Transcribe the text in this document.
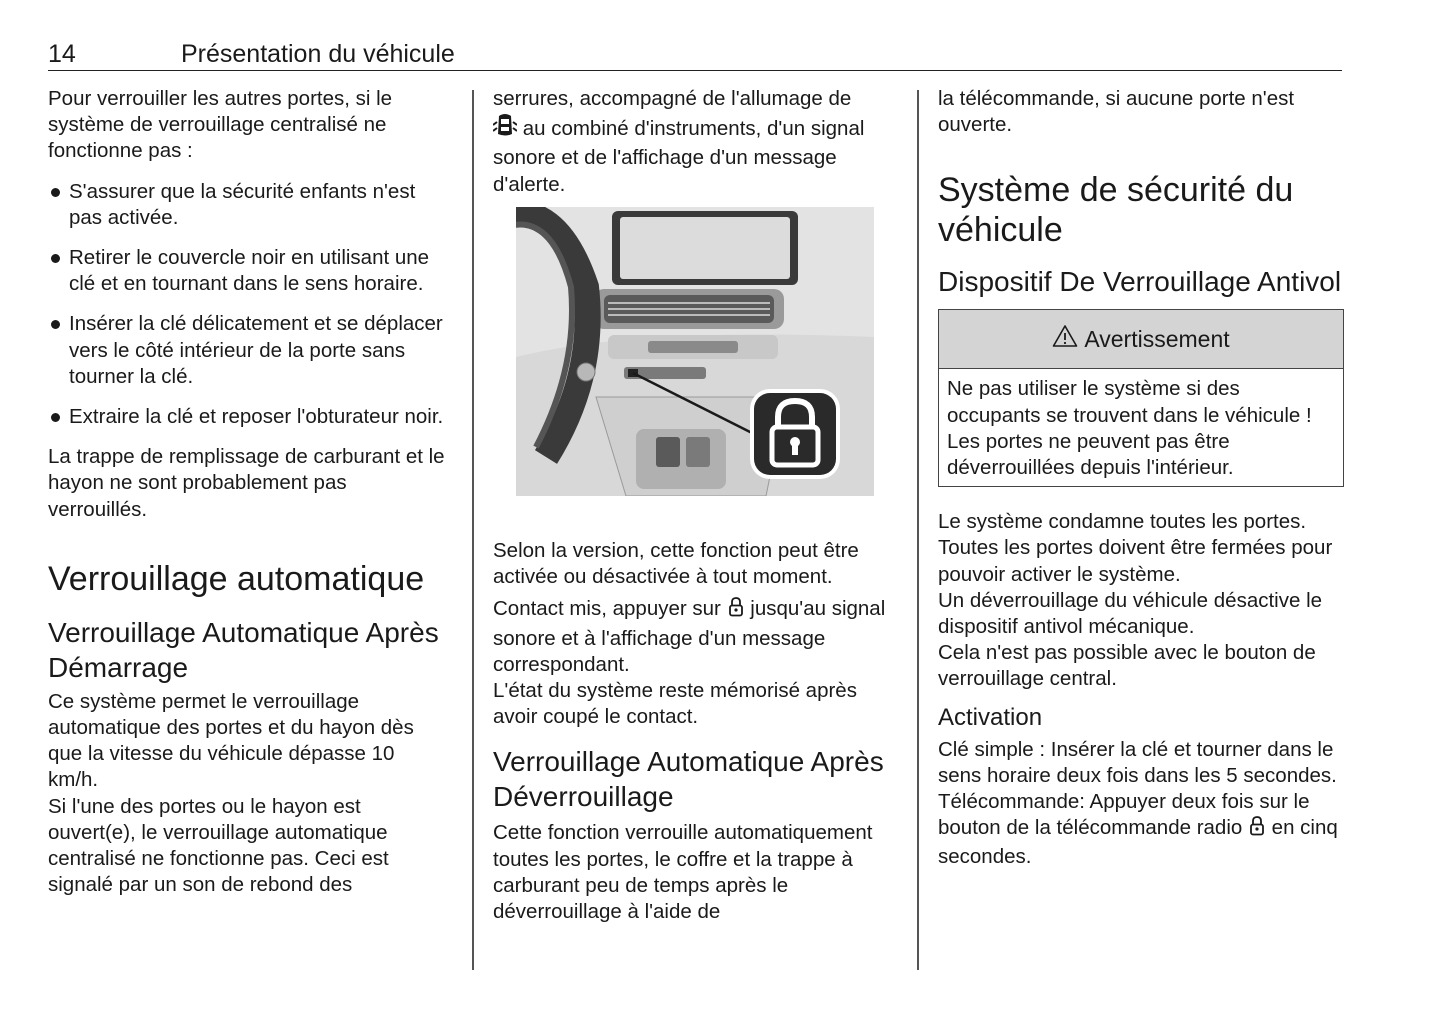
14	Présentation du véhicule

Pour verrouiller les autres portes, si le système de verrouillage centralisé ne fonctionne pas :

S'assurer que la sécurité enfants n'est pas activée.
Retirer le couvercle noir en utilisant une clé et en tournant dans le sens horaire.
Insérer la clé délicatement et se déplacer vers le côté intérieur de la porte sans tourner la clé.
Extraire la clé et reposer l'obturateur noir.

La trappe de remplissage de carburant et le hayon ne sont probablement pas verrouillés.

Verrouillage automatique
Verrouillage Automatique Après Démarrage

Ce système permet le verrouillage automatique des portes et du hayon dès que la vitesse du véhicule dépasse 10 km/h.

Si l'une des portes ou le hayon est ouvert(e), le verrouillage automatique centralisé ne fonctionne pas. Ceci est signalé par un son de rebond des

serrures, accompagné de l'allumage de
au combiné d'instruments, d'un signal sonore et de l'affichage d'un message d'alerte.

Selon la version, cette fonction peut être activée ou désactivée à tout moment.

Contact mis, appuyer sur  jusqu'au signal sonore et à l'affichage d'un message correspondant.

L'état du système reste mémorisé après avoir coupé le contact.

Verrouillage Automatique Après Déverrouillage

Cette fonction verrouille automatiquement toutes les portes, le coffre et la trappe à carburant peu de temps après le déverrouillage à l'aide de

la télécommande, si aucune porte n'est ouverte.

Système de sécurité du véhicule
Dispositif De Verrouillage Antivol
Avertissement

Ne pas utiliser le système si des occupants se trouvent dans le véhicule ! Les portes ne peuvent pas être déverrouillées depuis l'intérieur.

Le système condamne toutes les portes. Toutes les portes doivent être fermées pour pouvoir activer le système.

Un déverrouillage du véhicule désactive le dispositif antivol mécanique.

Cela n'est pas possible avec le bouton de verrouillage central.

Activation

Clé simple : Insérer la clé et tourner dans le sens horaire deux fois dans les 5 secondes.

Télécommande: Appuyer deux fois sur le bouton de la télécommande radio  en cinq secondes.
